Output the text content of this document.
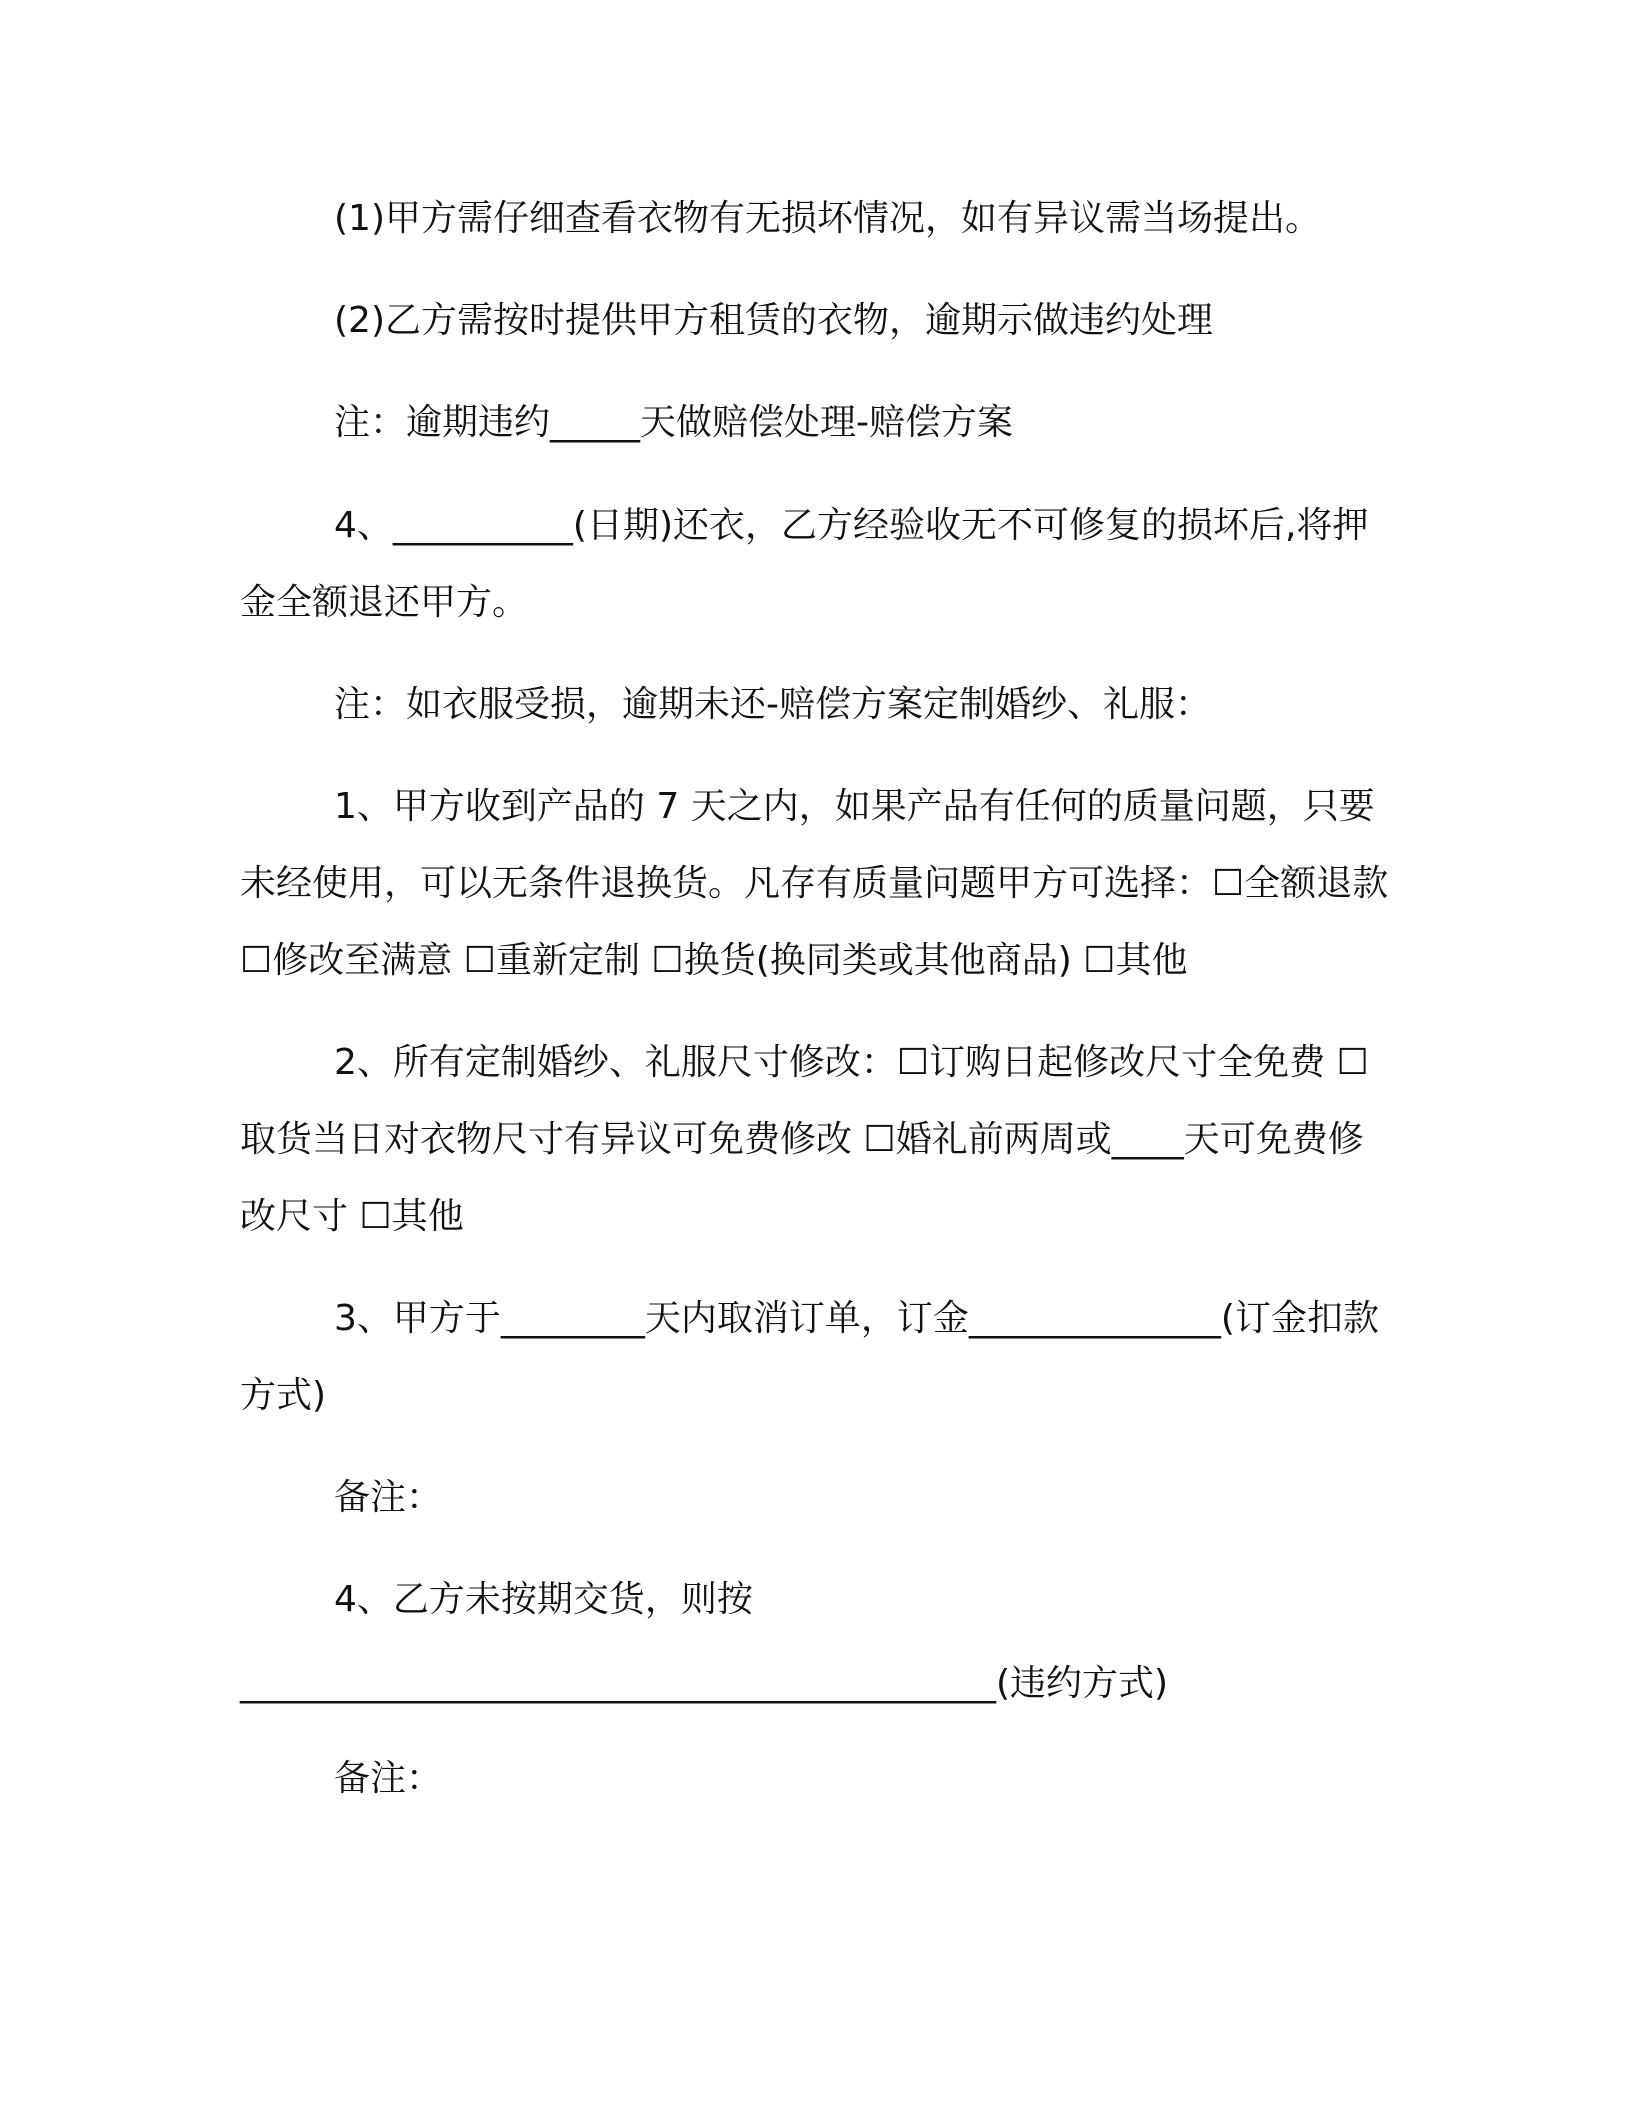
(1)甲方需仔细查看衣物有无损坏情况，如有异议需当场提出。

(2)乙方需按时提供甲方租赁的衣物，逾期示做违约处理

注：逾期违约_____天做赔偿处理-赔偿方案

4、__________(日期)还衣，乙方经验收无不可修复的损坏后,将押金全额退还甲方。

注：如衣服受损，逾期未还-赔偿方案定制婚纱、礼服：

1、甲方收到产品的 7 天之内，如果产品有任何的质量问题，只要未经使用，可以无条件退换货。凡存有质量问题甲方可选择：☐全额退款 ☐修改至满意 ☐重新定制 ☐换货(换同类或其他商品) ☐其他

2、所有定制婚纱、礼服尺寸修改：☐订购日起修改尺寸全免费 ☐取货当日对衣物尺寸有异议可免费修改 ☐婚礼前两周或____天可免费修改尺寸 ☐其他

3、甲方于________天内取消订单，订金______________(订金扣款方式)

备注：

4、乙方未按期交货，则按

__________________________________________(违约方式)

备注：
